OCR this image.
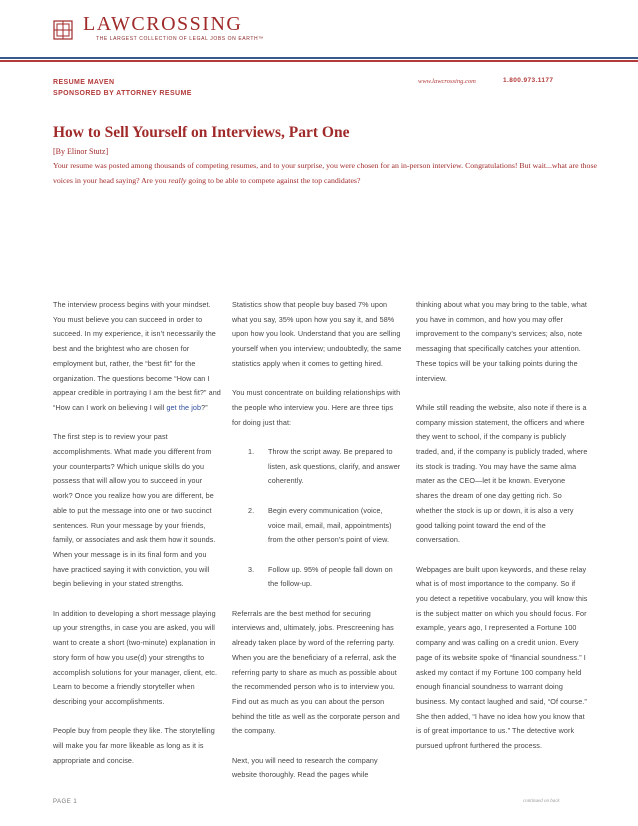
LAWCROSSING
THE LARGEST COLLECTION OF LEGAL JOBS ON EARTH™
RESUME MAVEN
SPONSORED BY ATTORNEY RESUME
www.lawcrossing.com	1.800.973.1177
How to Sell Yourself on Interviews, Part One
[By Elinor Stutz]
Your resume was posted among thousands of competing resumes, and to your surprise, you were chosen for an in-person interview. Congratulations! But wait...what are those voices in your head saying? Are you really going to be able to compete against the top candidates?

The interview process begins with your mindset. You must believe you can succeed in order to succeed. In my experience, it isn’t necessarily the best and the brightest who are chosen for employment but, rather, the “best fit” for the organization. The questions become “How can I appear credible in portraying I am the best fit?” and “How can I work on believing I will get the job?”

The first step is to review your past accomplishments. What made you different from your counterparts? Which unique skills do you possess that will allow you to succeed in your work? Once you realize how you are different, be able to put the message into one or two succinct sentences. Run your message by your friends, family, or associates and ask them how it sounds. When your message is in its final form and you have practiced saying it with conviction, you will begin believing in your stated strengths.

In addition to developing a short message playing up your strengths, in case you are asked, you will want to create a short (two-minute) explanation in story form of how you use(d) your strengths to accomplish solutions for your manager, client, etc. Learn to become a friendly storyteller when describing your accomplishments.

People buy from people they like. The storytelling will make you far more likeable as long as it is appropriate and concise.

Statistics show that people buy based 7% upon what you say, 35% upon how you say it, and 58% upon how you look. Understand that you are selling yourself when you interview; undoubtedly, the same statistics apply when it comes to getting hired.

You must concentrate on building relationships with the people who interview you. Here are three tips for doing just that:

1. Throw the script away. Be prepared to listen, ask questions, clarify, and answer coherently.
2. Begin every communication (voice, voice mail, email, mail, appointments) from the other person’s point of view.
3. Follow up. 95% of people fall down on the follow-up.

Referrals are the best method for securing interviews and, ultimately, jobs. Prescreening has already taken place by word of the referring party. When you are the beneficiary of a referral, ask the referring party to share as much as possible about the recommended person who is to interview you. Find out as much as you can about the person behind the title as well as the corporate person and the company.

Next, you will need to research the company website thoroughly. Read the pages while

thinking about what you may bring to the table, what you have in common, and how you may offer improvement to the company’s services; also, note messaging that specifically catches your attention. These topics will be your talking points during the interview.

While still reading the website, also note if there is a company mission statement, the officers and where they went to school, if the company is publicly traded, and, if the company is publicly traded, where its stock is trading. You may have the same alma mater as the CEO—let it be known. Everyone shares the dream of one day getting rich. So whether the stock is up or down, it is also a very good talking point toward the end of the conversation.

Webpages are built upon keywords, and these relay what is of most importance to the company. So if you detect a repetitive vocabulary, you will know this is the subject matter on which you should focus. For example, years ago, I represented a Fortune 100 company and was calling on a credit union. Every page of its website spoke of “financial soundness.” I asked my contact if my Fortune 100 company held enough financial soundness to warrant doing business. My contact laughed and said, “Of course.” She then added, “I have no idea how you know that is of great importance to us.” The detective work pursued upfront furthered the process.

PAGE 1	continued on back
